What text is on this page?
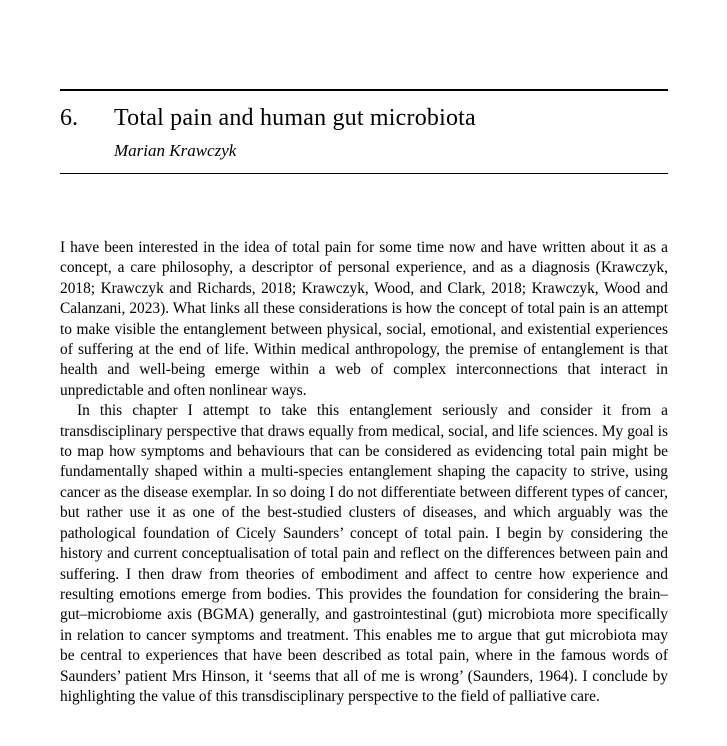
6.	Total pain and human gut microbiota
Marian Krawczyk

I have been interested in the idea of total pain for some time now and have written about it as a concept, a care philosophy, a descriptor of personal experience, and as a diagnosis (Krawczyk, 2018; Krawczyk and Richards, 2018; Krawczyk, Wood, and Clark, 2018; Krawczyk, Wood and Calanzani, 2023). What links all these considerations is how the concept of total pain is an attempt to make visible the entanglement between physical, social, emotional, and existential experiences of suffering at the end of life. Within medical anthropology, the premise of entanglement is that health and well-being emerge within a web of complex interconnections that interact in unpredictable and often nonlinear ways.

In this chapter I attempt to take this entanglement seriously and consider it from a transdisciplinary perspective that draws equally from medical, social, and life sciences. My goal is to map how symptoms and behaviours that can be considered as evidencing total pain might be fundamentally shaped within a multi-species entanglement shaping the capacity to strive, using cancer as the disease exemplar. In so doing I do not differentiate between different types of cancer, but rather use it as one of the best-studied clusters of diseases, and which arguably was the pathological foundation of Cicely Saunders’ concept of total pain. I begin by considering the history and current conceptualisation of total pain and reflect on the differences between pain and suffering. I then draw from theories of embodiment and affect to centre how experience and resulting emotions emerge from bodies. This provides the foundation for considering the brain–gut–microbiome axis (BGMA) generally, and gastrointestinal (gut) microbiota more specifically in relation to cancer symptoms and treatment. This enables me to argue that gut microbiota may be central to experiences that have been described as total pain, where in the famous words of Saunders’ patient Mrs Hinson, it ‘seems that all of me is wrong’ (Saunders, 1964). I conclude by highlighting the value of this transdisciplinary perspective to the field of palliative care.
